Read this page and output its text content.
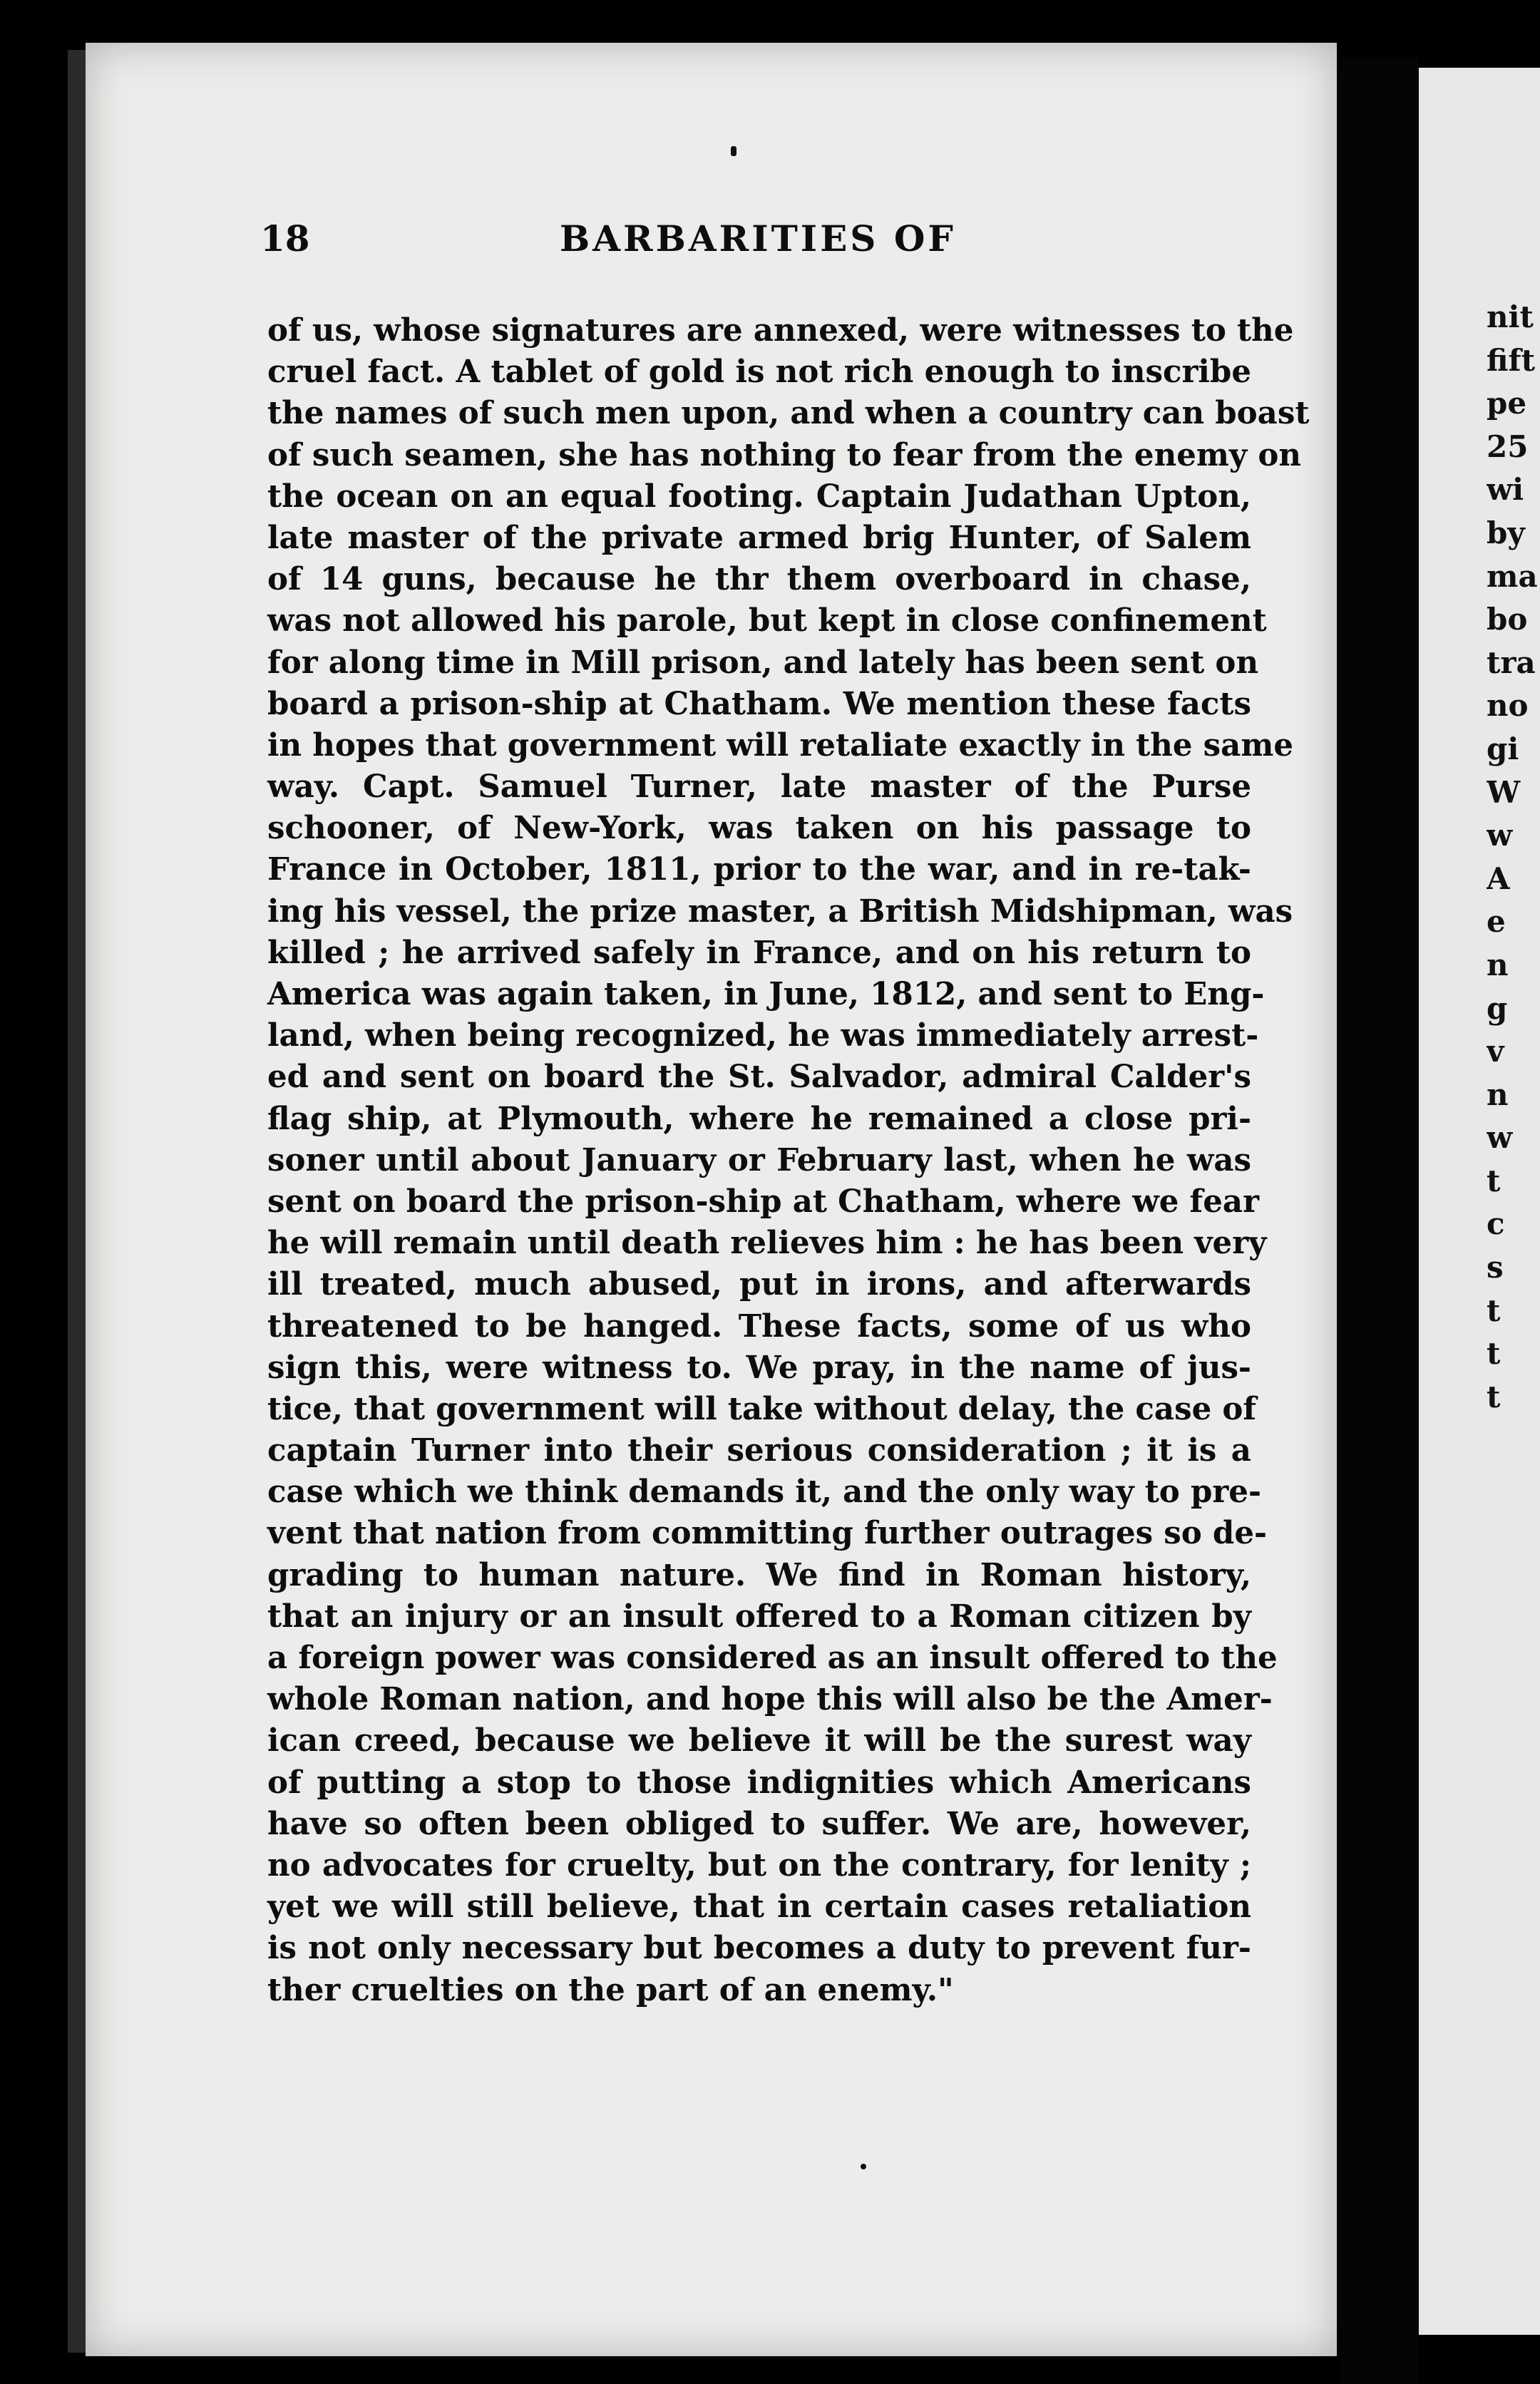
nit
fift
pe
25
wi
by
ma
bo
tra
no
gi
W
w
A
e
n
g
v
n
w
t
c
s
t
t
t
18	BARBARITIES OF
of us, whose signatures are annexed, were witnesses to the
cruel fact. A tablet of gold is not rich enough to inscribe
the names of such men upon, and when a country can boast
of such seamen, she has nothing to fear from the enemy on
the ocean on an equal footing. Captain Judathan Upton,
late master of the private armed brig Hunter, of Salem
of 14 guns, because he thr them overboard in chase,
was not allowed his parole, but kept in close confinement
for along time in Mill prison, and lately has been sent on
board a prison-ship at Chatham. We mention these facts
in hopes that government will retaliate exactly in the same
way. Capt. Samuel Turner, late master of the Purse
schooner, of New-York, was taken on his passage to
France in October, 1811, prior to the war, and in re-tak-
ing his vessel, the prize master, a British Midshipman, was
killed ; he arrived safely in France, and on his return to
America was again taken, in June, 1812, and sent to Eng-
land, when being recognized, he was immediately arrest-
ed and sent on board the St. Salvador, admiral Calder's
flag ship, at Plymouth, where he remained a close pri-
soner until about January or February last, when he was
sent on board the prison-ship at Chatham, where we fear
he will remain until death relieves him : he has been very
ill treated, much abused, put in irons, and afterwards
threatened to be hanged. These facts, some of us who
sign this, were witness to. We pray, in the name of jus-
tice, that government will take without delay, the case of
captain Turner into their serious consideration ; it is a
case which we think demands it, and the only way to pre-
vent that nation from committing further outrages so de-
grading to human nature. We find in Roman history,
that an injury or an insult offered to a Roman citizen by
a foreign power was considered as an insult offered to the
whole Roman nation, and hope this will also be the Amer-
ican creed, because we believe it will be the surest way
of putting a stop to those indignities which Americans
have so often been obliged to suffer. We are, however,
no advocates for cruelty, but on the contrary, for lenity ;
yet we will still believe, that in certain cases retaliation
is not only necessary but becomes a duty to prevent fur-
ther cruelties on the part of an enemy."
